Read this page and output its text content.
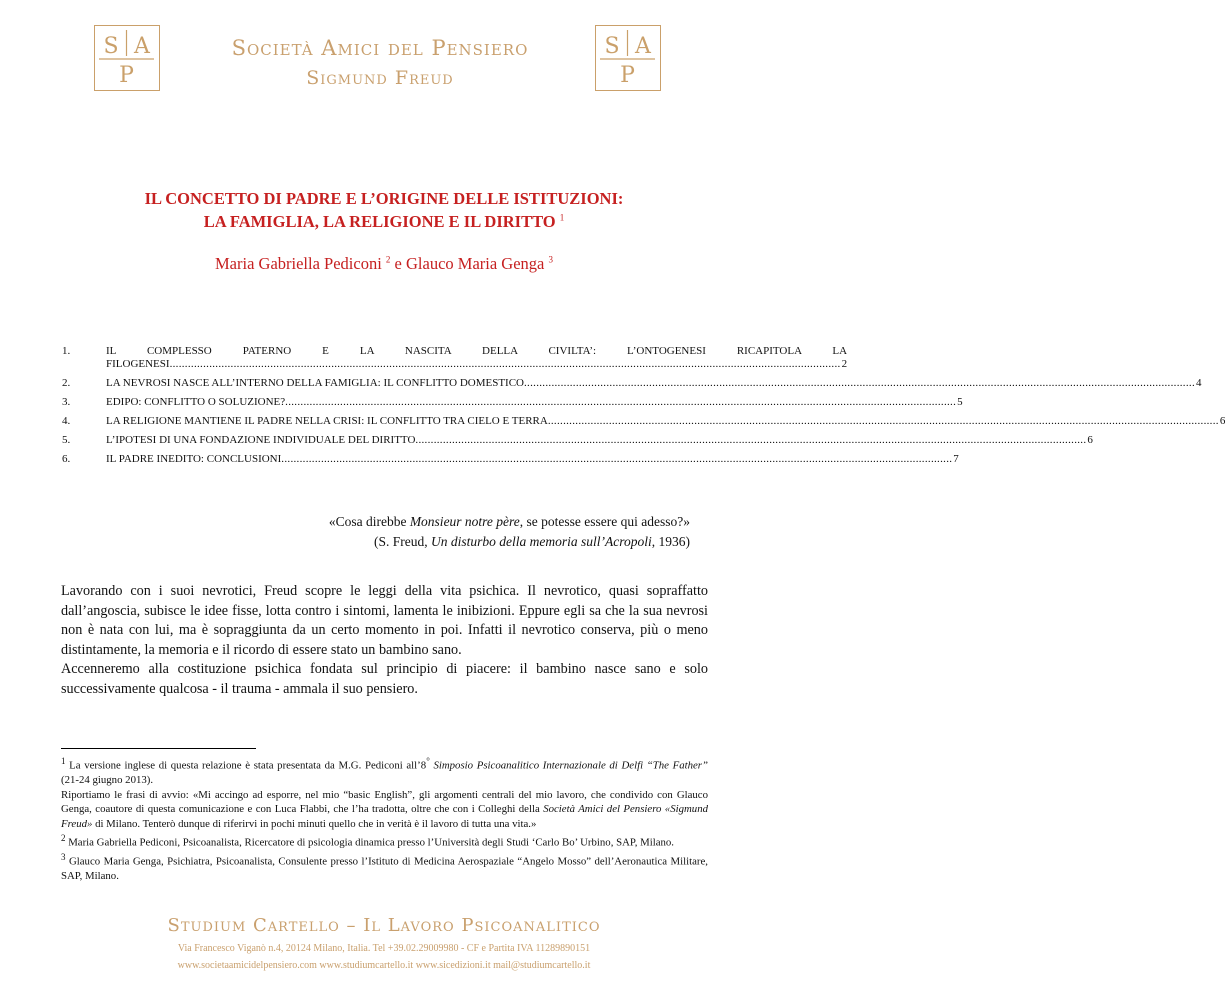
S A
P
Società Amici del Pensiero
Sigmund Freud
S A
P
IL CONCETTO DI PADRE E L’ORIGINE DELLE ISTITUZIONI:
LA FAMIGLIA, LA RELIGIONE E IL DIRITTO $^1$
Maria Gabriella Pediconi $^2$ e Glauco Maria Genga $^3$
1.	IL COMPLESSO PATERNO E LA NASCITA DELLA CIVILTA’: L’ONTOGENESI RICAPITOLA LA
FILOGENESI ............................................................................................................................................................................................................................ 2
2.	LA NEVROSI NASCE ALL’INTERNO DELLA FAMIGLIA: IL CONFLITTO DOMESTICO ............................................................................................................................................................................................................................ 4
3.	EDIPO: CONFLITTO O SOLUZIONE? ............................................................................................................................................................................................................................ 5
4.	LA RELIGIONE MANTIENE IL PADRE NELLA CRISI: IL CONFLITTO TRA CIELO E TERRA ............................................................................................................................................................................................................................ 6
5.	L’IPOTESI DI UNA FONDAZIONE INDIVIDUALE DEL DIRITTO ............................................................................................................................................................................................................................ 6
6.	IL PADRE INEDITO: CONCLUSIONI ............................................................................................................................................................................................................................ 7
«Cosa direbbe Monsieur notre père, se potesse essere qui adesso?»
(S. Freud, Un disturbo della memoria sull’Acropoli, 1936)

Lavorando con i suoi nevrotici, Freud scopre le leggi della vita psichica. Il nevrotico, quasi sopraffatto dall’angoscia, subisce le idee fisse, lotta contro i sintomi, lamenta le inibizioni. Eppure egli sa che la sua nevrosi non è nata con lui, ma è sopraggiunta da un certo momento in poi. Infatti il nevrotico conserva, più o meno distintamente, la memoria e il ricordo di essere stato un bambino sano.

Accenneremo alla costituzione psichica fondata sul principio di piacere: il bambino nasce sano e solo successivamente qualcosa - il trauma - ammala il suo pensiero.

$^1$ La versione inglese di questa relazione è stata presentata da M.G. Pediconi all’8° Simposio Psicoanalitico Internazionale di Delfi “The Father” (21-24 giugno 2013).

Riportiamo le frasi di avvio: «Mi accingo ad esporre, nel mio “basic English”, gli argomenti centrali del mio lavoro, che condivido con Glauco Genga, coautore di questa comunicazione e con Luca Flabbi, che l’ha tradotta, oltre che con i Colleghi della Società Amici del Pensiero «Sigmund Freud» di Milano. Tenterò dunque di riferirvi in pochi minuti quello che in verità è il lavoro di tutta una vita.»

$^2$ Maria Gabriella Pediconi, Psicoanalista, Ricercatore di psicologia dinamica presso l’Università degli Studi ‘Carlo Bo’ Urbino, SAP, Milano.

$^3$ Glauco Maria Genga, Psichiatra, Psicoanalista, Consulente presso l’Istituto di Medicina Aerospaziale “Angelo Mosso” dell’Aeronautica Militare, SAP, Milano.

Studium Cartello – Il Lavoro Psicoanalitico
Via Francesco Viganò n.4, 20124 Milano, Italia. Tel +39.02.29009980 - CF e Partita IVA 11289890151
www.societaamicidelpensiero.com www.studiumcartello.it www.sicedizioni.it mail@studiumcartello.it
